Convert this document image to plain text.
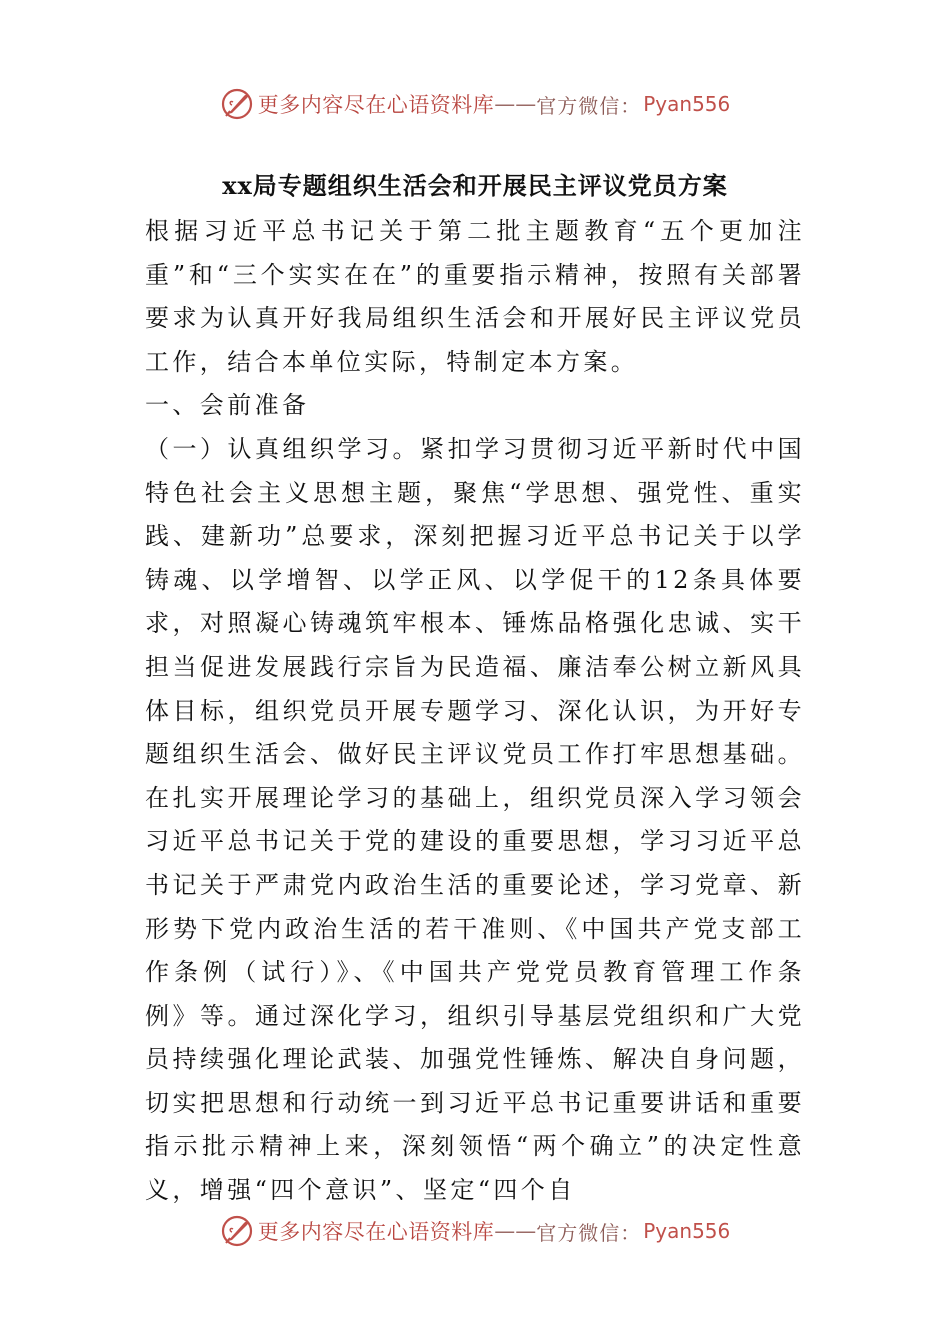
更多内容尽在心语资料库 —— 官方微信： Pyan556
xx局专题组织生活会和开展民主评议党员方案

根据习近平总书记关于第二批主题教育“五个更加注重”和“三个实实在在”的重要指示精神，按照有关部署要求为认真开好我局组织生活会和开展好民主评议党员工作，结合本单位实际，特制定本方案。

一、会前准备

（一）认真组织学习。紧扣学习贯彻习近平新时代中国特色社会主义思想主题，聚焦“学思想、强党性、重实践、建新功”总要求，深刻把握习近平总书记关于以学铸魂、以学增智、以学正风、以学促干的12条具体要求，对照凝心铸魂筑牢根本、锤炼品格强化忠诚、实干担当促进发展践行宗旨为民造福、廉洁奉公树立新风具体目标，组织党员开展专题学习、深化认识，为开好专题组织生活会、做好民主评议党员工作打牢思想基础。在扎实开展理论学习的基础上，组织党员深入学习领会习近平总书记关于党的建设的重要思想，学习习近平总书记关于严肃党内政治生活的重要论述，学习党章、新形势下党内政治生活的若干准则、《中国共产党支部工作条例（试行）》、《中国共产党党员教育管理工作条例》等。通过深化学习，组织引导基层党组织和广大党员持续强化理论武装、加强党性锤炼、解决自身问题，切实把思想和行动统一到习近平总书记重要讲话和重要指示批示精神上来，深刻领悟“两个确立”的决定性意义，增强“四个意识”、坚定“四个自

更多内容尽在心语资料库 —— 官方微信： Pyan556
